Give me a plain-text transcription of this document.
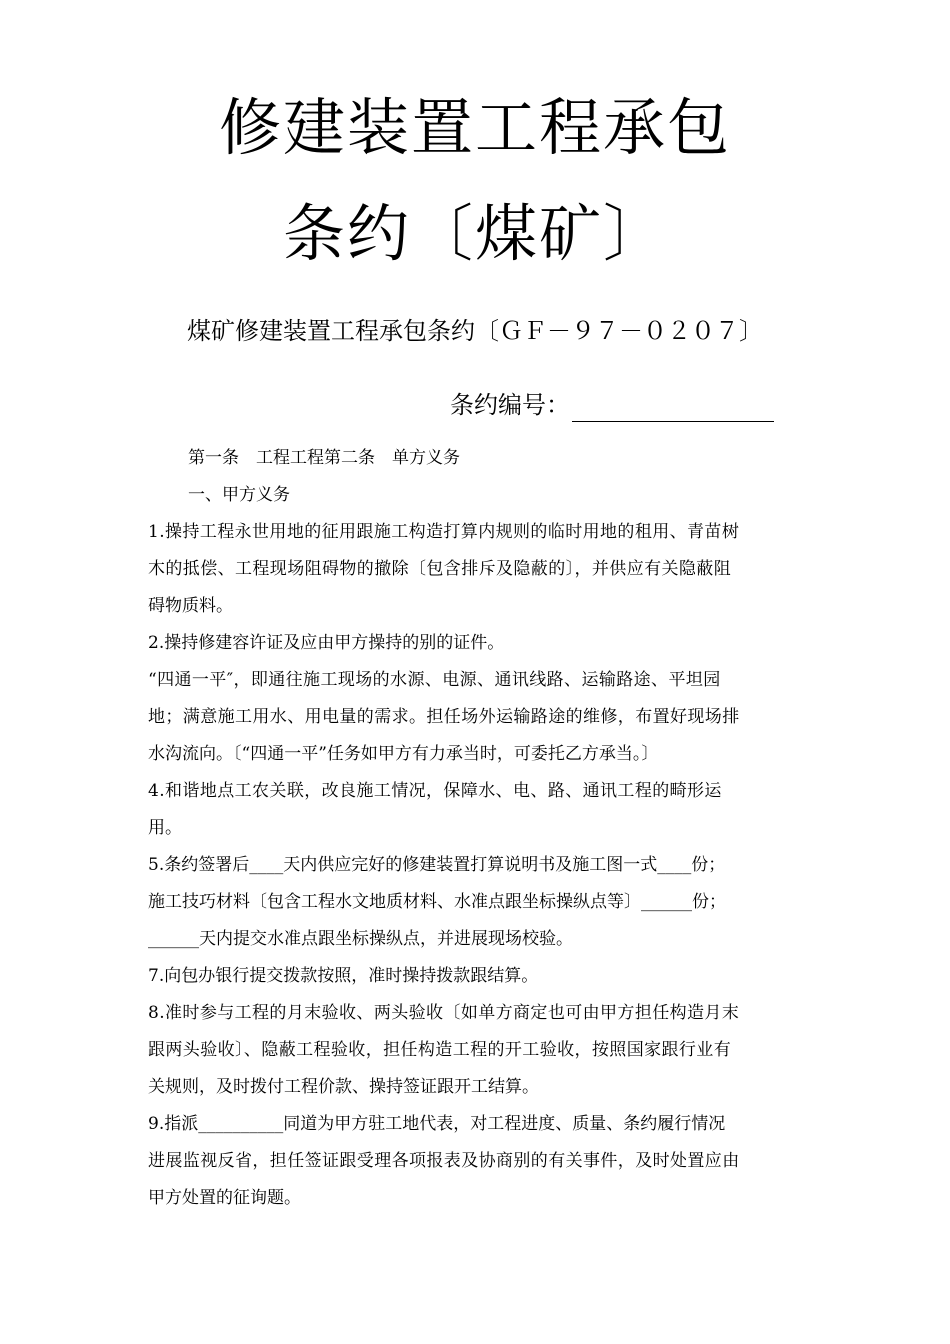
修建装置工程承包
条约〔煤矿〕
煤矿修建装置工程承包条约〔ＧＦ－９７－０２０７〕
条约编号：
第一条　工程工程第二条　单方义务
一、甲方义务
1.操持工程永世用地的征用跟施工构造打算内规则的临时用地的租用、青苗树
木的抵偿、工程现场阻碍物的撤除〔包含排斥及隐蔽的〕，并供应有关隐蔽阻
碍物质料。
2.操持修建容许证及应由甲方操持的别的证件。
“四通一平″，即通往施工现场的水源、电源、通讯线路、运输路途、平坦园
地；满意施工用水、用电量的需求。担任场外运输路途的维修，布置好现场排
水沟流向。〔“四通一平”任务如甲方有力承当时，可委托乙方承当。〕
4.和谐地点工农关联，改良施工情况，保障水、电、路、通讯工程的畸形运
用。
5.条约签署后____天内供应完好的修建装置打算说明书及施工图一式____份；
施工技巧材料〔包含工程水文地质材料、水准点跟坐标操纵点等〕______份；
______天内提交水准点跟坐标操纵点，并进展现场校验。
7.向包办银行提交拨款按照，准时操持拨款跟结算。
8.准时参与工程的月末验收、两头验收〔如单方商定也可由甲方担任构造月末
跟两头验收〕、隐蔽工程验收，担任构造工程的开工验收，按照国家跟行业有
关规则，及时拨付工程价款、操持签证跟开工结算。
9.指派__________同道为甲方驻工地代表，对工程进度、质量、条约履行情况
进展监视反省，担任签证跟受理各项报表及协商别的有关事件，及时处置应由
甲方处置的征询题。
